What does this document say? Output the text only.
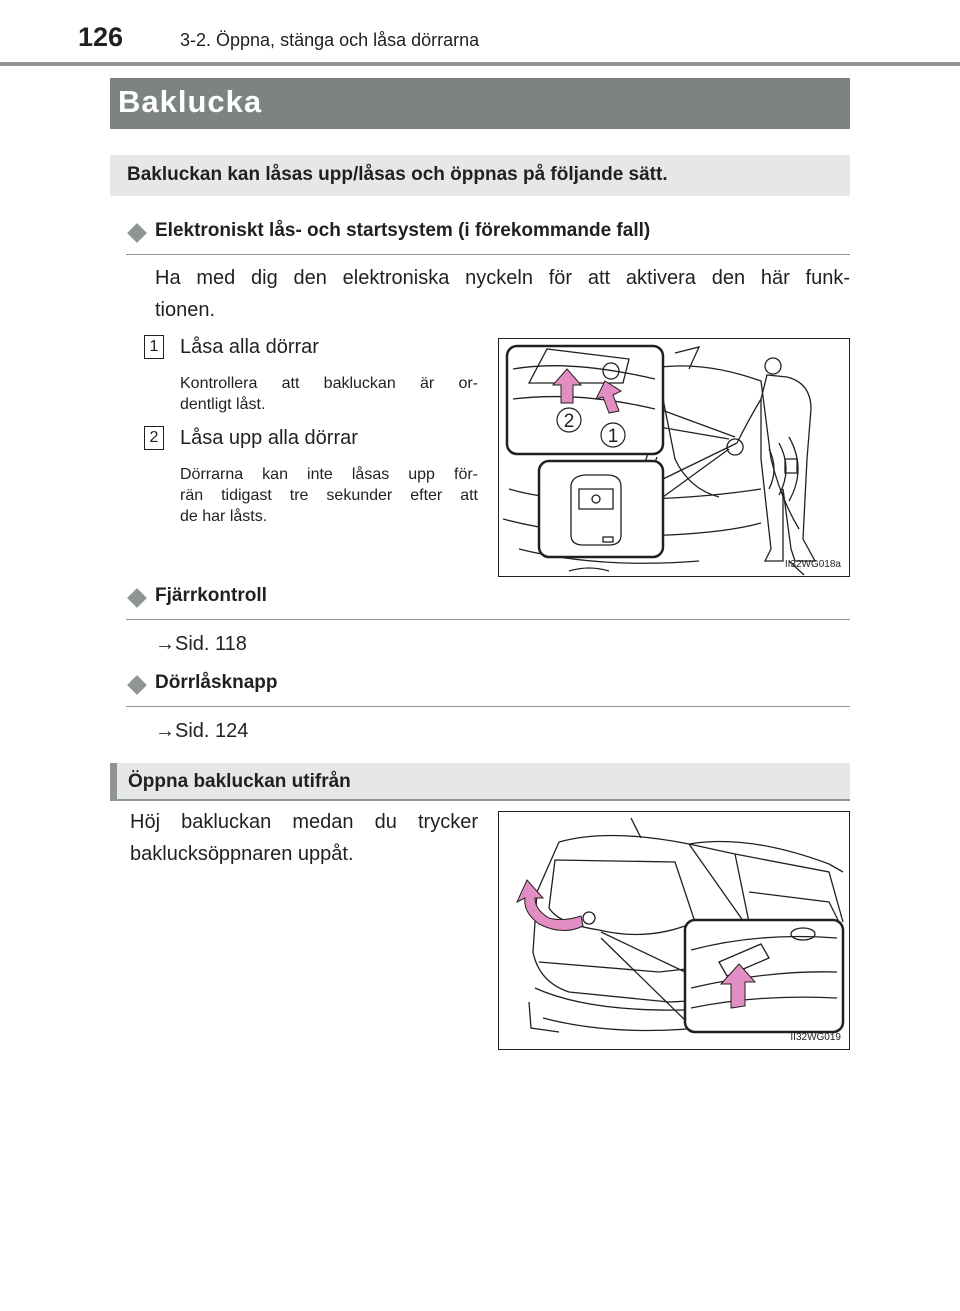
126	3-2. Öppna, stänga och låsa dörrarna
Baklucka
Bakluckan kan låsas upp/låsas och öppnas på följande sätt.
Elektroniskt lås- och startsystem (i förekommande fall)
Ha med dig den elektroniska nyckeln för att aktivera den här funk-
tionen.
1 Låsa alla dörrar
Kontrollera att bakluckan är or-
dentligt låst.
2 Låsa upp alla dörrar
Dörrarna kan inte låsas upp för-
rän tidigast tre sekunder efter att
de har låsts.
2
1
II32WG018a
Fjärrkontroll
→Sid. 118
Dörrlåsknapp
→Sid. 124
Öppna bakluckan utifrån
Höj bakluckan medan du trycker
baklucksöppnaren uppåt.
II32WG019
